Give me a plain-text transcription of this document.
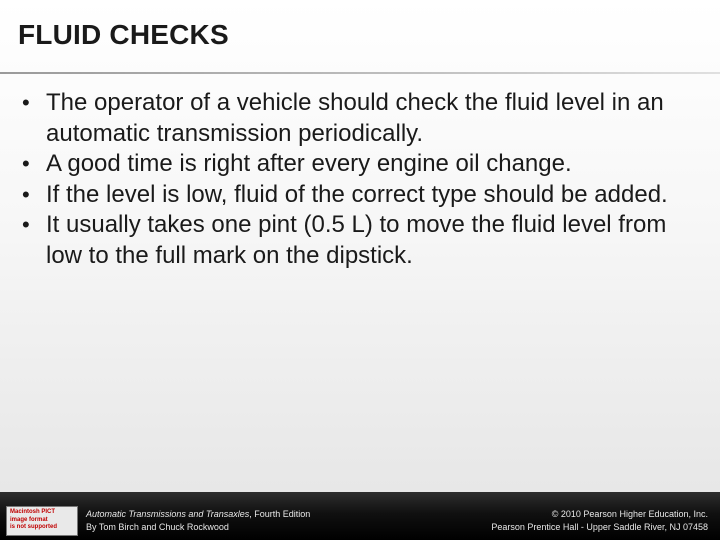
FLUID CHECKS
• The operator of a vehicle should check the fluid level in an automatic transmission periodically.
• A good time is right after every engine oil change.
• If the level is low, fluid of the correct type should be added.
• It usually takes one pint (0.5 L) to move the fluid level from low to the full mark on the dipstick.
Macintosh PICT
image format
is not supported
Automatic Transmissions and Transaxles, Fourth Edition
By Tom Birch and Chuck Rockwood
© 2010 Pearson Higher Education, Inc.
Pearson Prentice Hall - Upper Saddle River, NJ 07458
